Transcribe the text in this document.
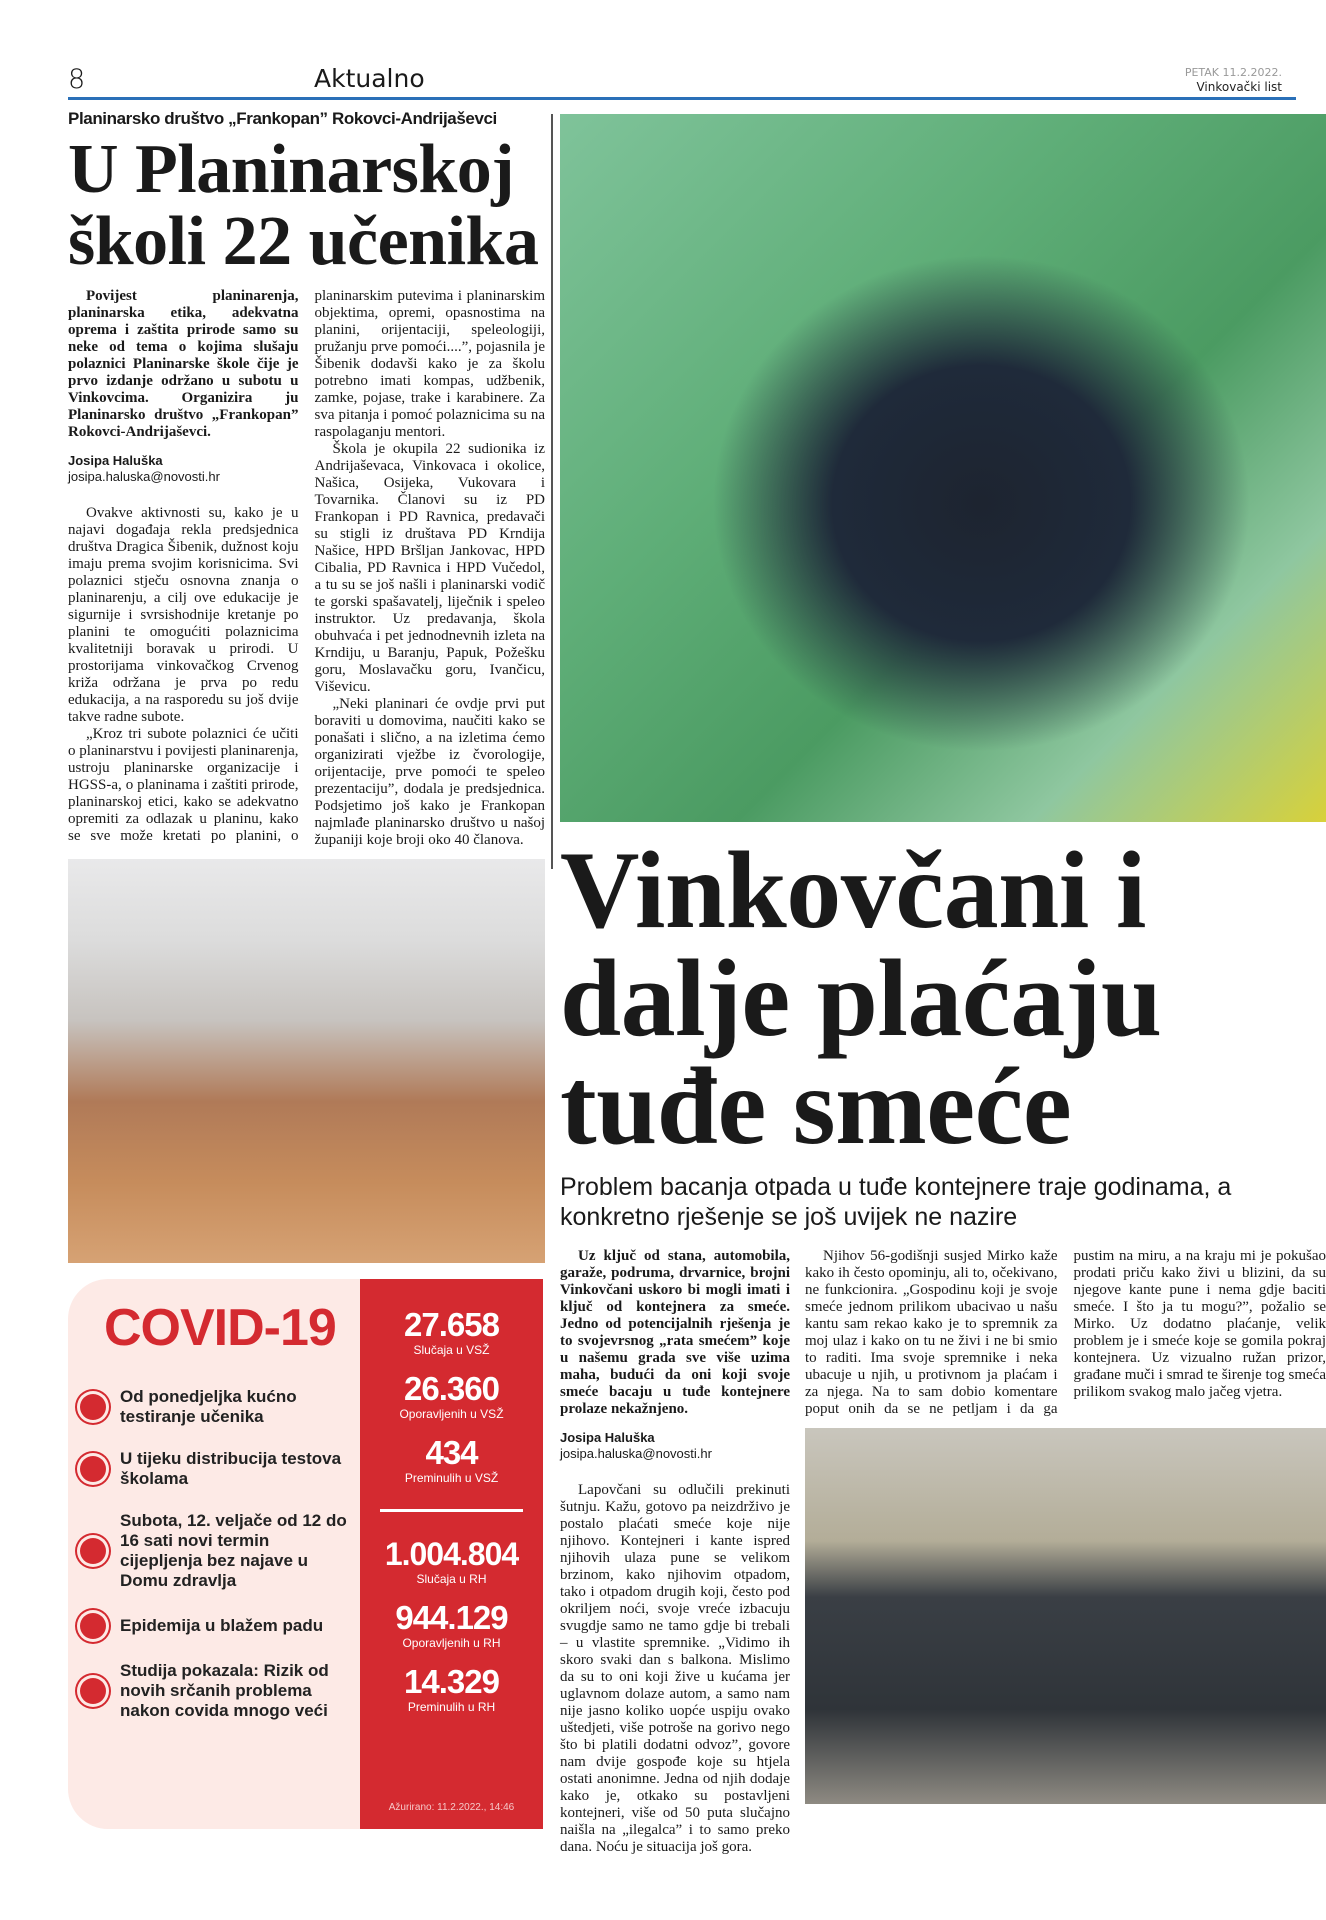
8	Aktualno	PETAK 11.2.2022.
Vinkovački list
Planinarsko društvo „Frankopan” Rokovci-Andrijaševci
U Planinarskoj školi 22 učenika

Povijest planinarenja, planinarska etika, adekvatna oprema i zaštita prirode samo su neke od tema o kojima slušaju polaznici Planinarske škole čije je prvo izdanje održano u subotu u Vinkovcima. Organizira ju Planinarsko društvo „Frankopan” Rokovci-Andrijaševci.

Josipa Haluška
josipa.haluska@novosti.hr

Ovakve aktivnosti su, kako je u najavi događaja rekla predsjednica društva Dragica Šibenik, dužnost koju imaju prema svojim korisnicima. Svi polaznici stječu osnovna znanja o planinarenju, a cilj ove edukacije je sigurnije i svrsishodnije kretanje po planini te omogućiti polaznicima kvalitetniji boravak u prirodi. U prostorijama vinkovačkog Crvenog križa održana je prva po redu edukacija, a na rasporedu su još dvije takve radne subote.

„Kroz tri subote polaznici će učiti o planinarstvu i povijesti planinarenja, ustroju planinarske organizacije i HGSS-a, o planinama i zaštiti prirode, planinarskoj etici, kako se adekvatno opremiti za odlazak u planinu, kako se sve može kretati po planini, o planinarskim putevima i planinarskim objektima, opremi, opasnostima na planini, orijentaciji, speleologiji, pružanju prve pomoći....”, pojasnila je Šibenik dodavši kako je za školu potrebno imati kompas, udžbenik, zamke, pojase, trake i karabinere. Za sva pitanja i pomoć polaznicima su na raspolaganju mentori.

Škola je okupila 22 sudionika iz Andrijaševaca, Vinkovaca i okolice, Našica, Osijeka, Vukovara i Tovarnika. Članovi su iz PD Frankopan i PD Ravnica, predavači su stigli iz društava PD Krndija Našice, HPD Bršljan Jankovac, HPD Cibalia, PD Ravnica i HPD Vučedol, a tu su se još našli i planinarski vodič te gorski spašavatelj, liječnik i speleo instruktor. Uz predavanja, škola obuhvaća i pet jednodnevnih izleta na Krndiju, u Baranju, Papuk, Požešku goru, Moslavačku goru, Ivančicu, Viševicu.

„Neki planinari će ovdje prvi put boraviti u domovima, naučiti kako se ponašati i slično, a na izletima ćemo organizirati vježbe iz čvorologije, orijentacije, prve pomoći te speleo prezentaciju”, dodala je predsjednica. Podsjetimo još kako je Frankopan najmlađe planinarsko društvo u našoj županiji koje broji oko 40 članova.

COVID-19
Od ponedjeljka kućno testiranje učenika
U tijeku distribucija testova školama
Subota, 12. veljače od 12 do 16 sati novi termin cijepljenja bez najave u Domu zdravlja
Epidemija u blažem padu
Studija pokazala: Rizik od novih srčanih problema nakon covida mnogo veći
27.658
Slučaja u VSŽ
26.360
Oporavljenih u VSŽ
434
Preminulih u VSŽ
1.004.804
Slučaja u RH
944.129
Oporavljenih u RH
14.329
Preminulih u RH
Ažurirano: 11.2.2022., 14:46
Vinkovčani i dalje plaćaju tuđe smeće
Problem bacanja otpada u tuđe kontejnere traje godinama, a konkretno rješenje se još uvijek ne nazire

Uz ključ od stana, automobila, garaže, podruma, drvarnice, brojni Vinkovčani uskoro bi mogli imati i ključ od kontejnera za smeće. Jedno od potencijalnih rješenja je to svojevrsnog „rata smećem” koje u našemu grada sve više uzima maha, budući da oni koji svoje smeće bacaju u tuđe kontejnere prolaze nekažnjeno.

Josipa Haluška
josipa.haluska@novosti.hr

Lapovčani su odlučili prekinuti šutnju. Kažu, gotovo pa neizdrživo je postalo plaćati smeće koje nije njihovo. Kontejneri i kante ispred njihovih ulaza pune se velikom brzinom, kako njihovim otpadom, tako i otpadom drugih koji, često pod okriljem noći, svoje vreće izbacuju svugdje samo ne tamo gdje bi trebali – u vlastite spremnike. „Vidimo ih skoro svaki dan s balkona. Mislimo da su to oni koji žive u kućama jer uglavnom dolaze autom, a samo nam nije jasno koliko uopće uspiju ovako uštedjeti, više potroše na gorivo nego što bi platili dodatni odvoz”, govore nam dvije gospođe koje su htjela ostati anonimne. Jedna od njih dodaje kako je, otkako su postavljeni kontejneri, više od 50 puta slučajno naišla na „ilegalca” i to samo preko dana. Noću je situacija još gora.

Njihov 56-godišnji susjed Mirko kaže kako ih često opominju, ali to, očekivano, ne funkcionira. „Gospodinu koji je svoje smeće jednom prilikom ubacivao u našu kantu sam rekao kako je to spremnik za moj ulaz i kako on tu ne živi i ne bi smio to raditi. Ima svoje spremnike i neka ubacuje u njih, u protivnom ja plaćam i za njega. Na to sam dobio komentare poput onih da se ne petljam i da ga pustim na miru, a na kraju mi je pokušao prodati priču kako živi u blizini, da su njegove kante pune i nema gdje baciti smeće. I što ja tu mogu?”, požalio se Mirko. Uz dodatno plaćanje, velik problem je i smeće koje se gomila pokraj kontejnera. Uz vizualno ružan prizor, građane muči i smrad te širenje tog smeća prilikom svakog malo jačeg vjetra.
